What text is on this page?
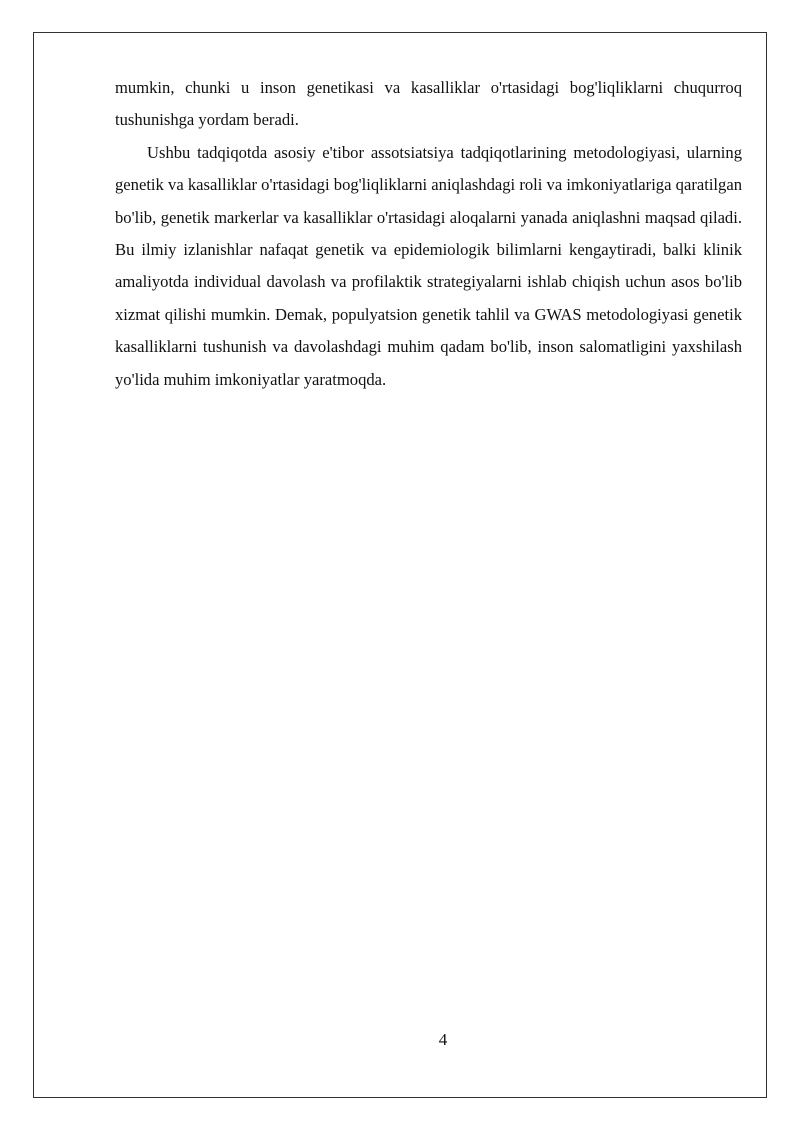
mumkin, chunki u inson genetikasi va kasalliklar o'rtasidagi bog'liqliklarni chuqurroq tushunishga yordam beradi.

Ushbu tadqiqotda asosiy e'tibor assotsiatsiya tadqiqotlarining metodologiyasi, ularning genetik va kasalliklar o'rtasidagi bog'liqliklarni aniqlashdagi roli va imkoniyatlariga qaratilgan bo'lib, genetik markerlar va kasalliklar o'rtasidagi aloqalarni yanada aniqlashni maqsad qiladi. Bu ilmiy izlanishlar nafaqat genetik va epidemiologik bilimlarni kengaytiradi, balki klinik amaliyotda individual davolash va profilaktik strategiyalarni ishlab chiqish uchun asos bo'lib xizmat qilishi mumkin. Demak, populyatsion genetik tahlil va GWAS metodologiyasi genetik kasalliklarni tushunish va davolashdagi muhim qadam bo'lib, inson salomatligini yaxshilash yo'lida muhim imkoniyatlar yaratmoqda.

4
